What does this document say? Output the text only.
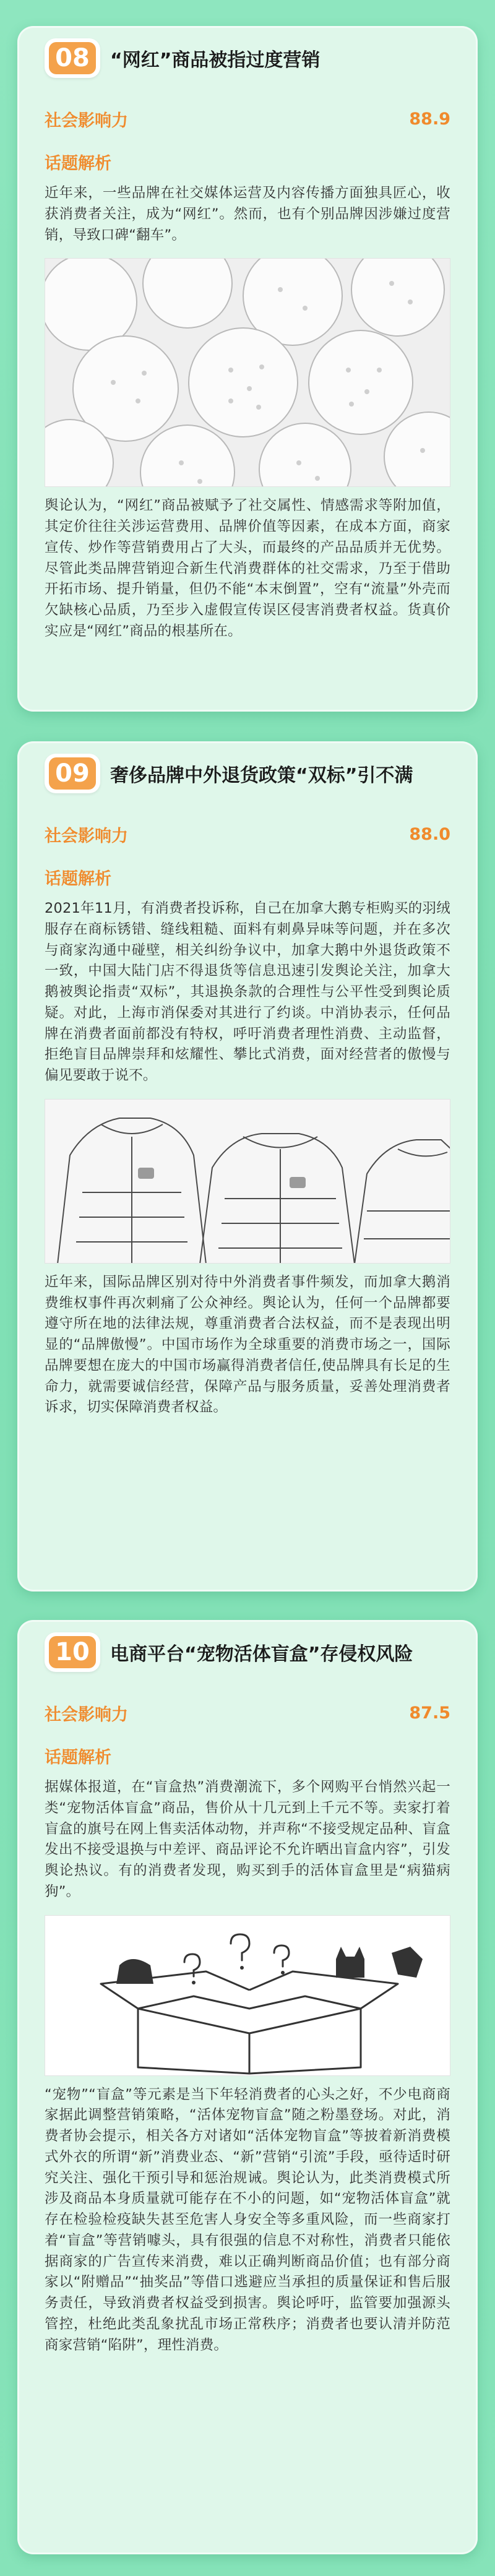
08	“网红”商品被指过度营销
社会影响力	88.9
话题解析
近年来，一些品牌在社交媒体运营及内容传播方面独具匠心，收获消费者关注，成为“网红”。然而，也有个别品牌因涉嫌过度营销，导致口碑“翻车”。
舆论认为，“网红”商品被赋予了社交属性、情感需求等附加值，其定价往往关涉运营费用、品牌价值等因素，在成本方面，商家宣传、炒作等营销费用占了大头，而最终的产品品质并无优势。尽管此类品牌营销迎合新生代消费群体的社交需求，乃至于借助开拓市场、提升销量，但仍不能“本末倒置”，空有“流量”外壳而欠缺核心品质，乃至步入虚假宣传误区侵害消费者权益。货真价实应是“网红”商品的根基所在。
09	奢侈品牌中外退货政策“双标”引不满
社会影响力	88.0
话题解析
2021年11月，有消费者投诉称，自己在加拿大鹅专柜购买的羽绒服存在商标锈错、缝线粗糙、面料有刺鼻异味等问题，并在多次与商家沟通中碰壁，相关纠纷争议中，加拿大鹅中外退货政策不一致，中国大陆门店不得退货等信息迅速引发舆论关注，加拿大鹅被舆论指责“双标”，其退换条款的合理性与公平性受到舆论质疑。对此，上海市消保委对其进行了约谈。中消协表示，任何品牌在消费者面前都没有特权，呼吁消费者理性消费、主动监督，拒绝盲目品牌崇拜和炫耀性、攀比式消费，面对经营者的傲慢与偏见要敢于说不。
近年来，国际品牌区别对待中外消费者事件频发，而加拿大鹅消费维权事件再次刺痛了公众神经。舆论认为，任何一个品牌都要遵守所在地的法律法规，尊重消费者合法权益，而不是表现出明显的“品牌傲慢”。中国市场作为全球重要的消费市场之一，国际品牌要想在庞大的中国市场赢得消费者信任,使品牌具有长足的生命力，就需要诚信经营，保障产品与服务质量，妥善处理消费者诉求，切实保障消费者权益。
10	电商平台“宠物活体盲盒”存侵权风险
社会影响力	87.5
话题解析
据媒体报道，在“盲盒热”消费潮流下，多个网购平台悄然兴起一类“宠物活体盲盒”商品，售价从十几元到上千元不等。卖家打着盲盒的旗号在网上售卖活体动物，并声称“不接受规定品种、盲盒发出不接受退换与中差评、商品评论不允许晒出盲盒内容”，引发舆论热议。有的消费者发现，购买到手的活体盲盒里是“病猫病狗”。
“宠物”“盲盒”等元素是当下年轻消费者的心头之好，不少电商商家据此调整营销策略，“活体宠物盲盒”随之粉墨登场。对此，消费者协会提示，相关各方对诸如“活体宠物盲盒”等披着新消费模式外衣的所谓“新”消费业态、“新”营销“引流”手段，亟待适时研究关注、强化干预引导和惩治规诫。舆论认为，此类消费模式所涉及商品本身质量就可能存在不小的问题，如“宠物活体盲盒”就存在检验检疫缺失甚至危害人身安全等多重风险，而一些商家打着“盲盒”等营销噱头，具有很强的信息不对称性，消费者只能依据商家的广告宣传来消费，难以正确判断商品价值；也有部分商家以“附赠品”“抽奖品”等借口逃避应当承担的质量保证和售后服务责任，导致消费者权益受到损害。舆论呼吁，监管要加强源头管控，杜绝此类乱象扰乱市场正常秩序；消费者也要认清并防范商家营销“陷阱”，理性消费。
